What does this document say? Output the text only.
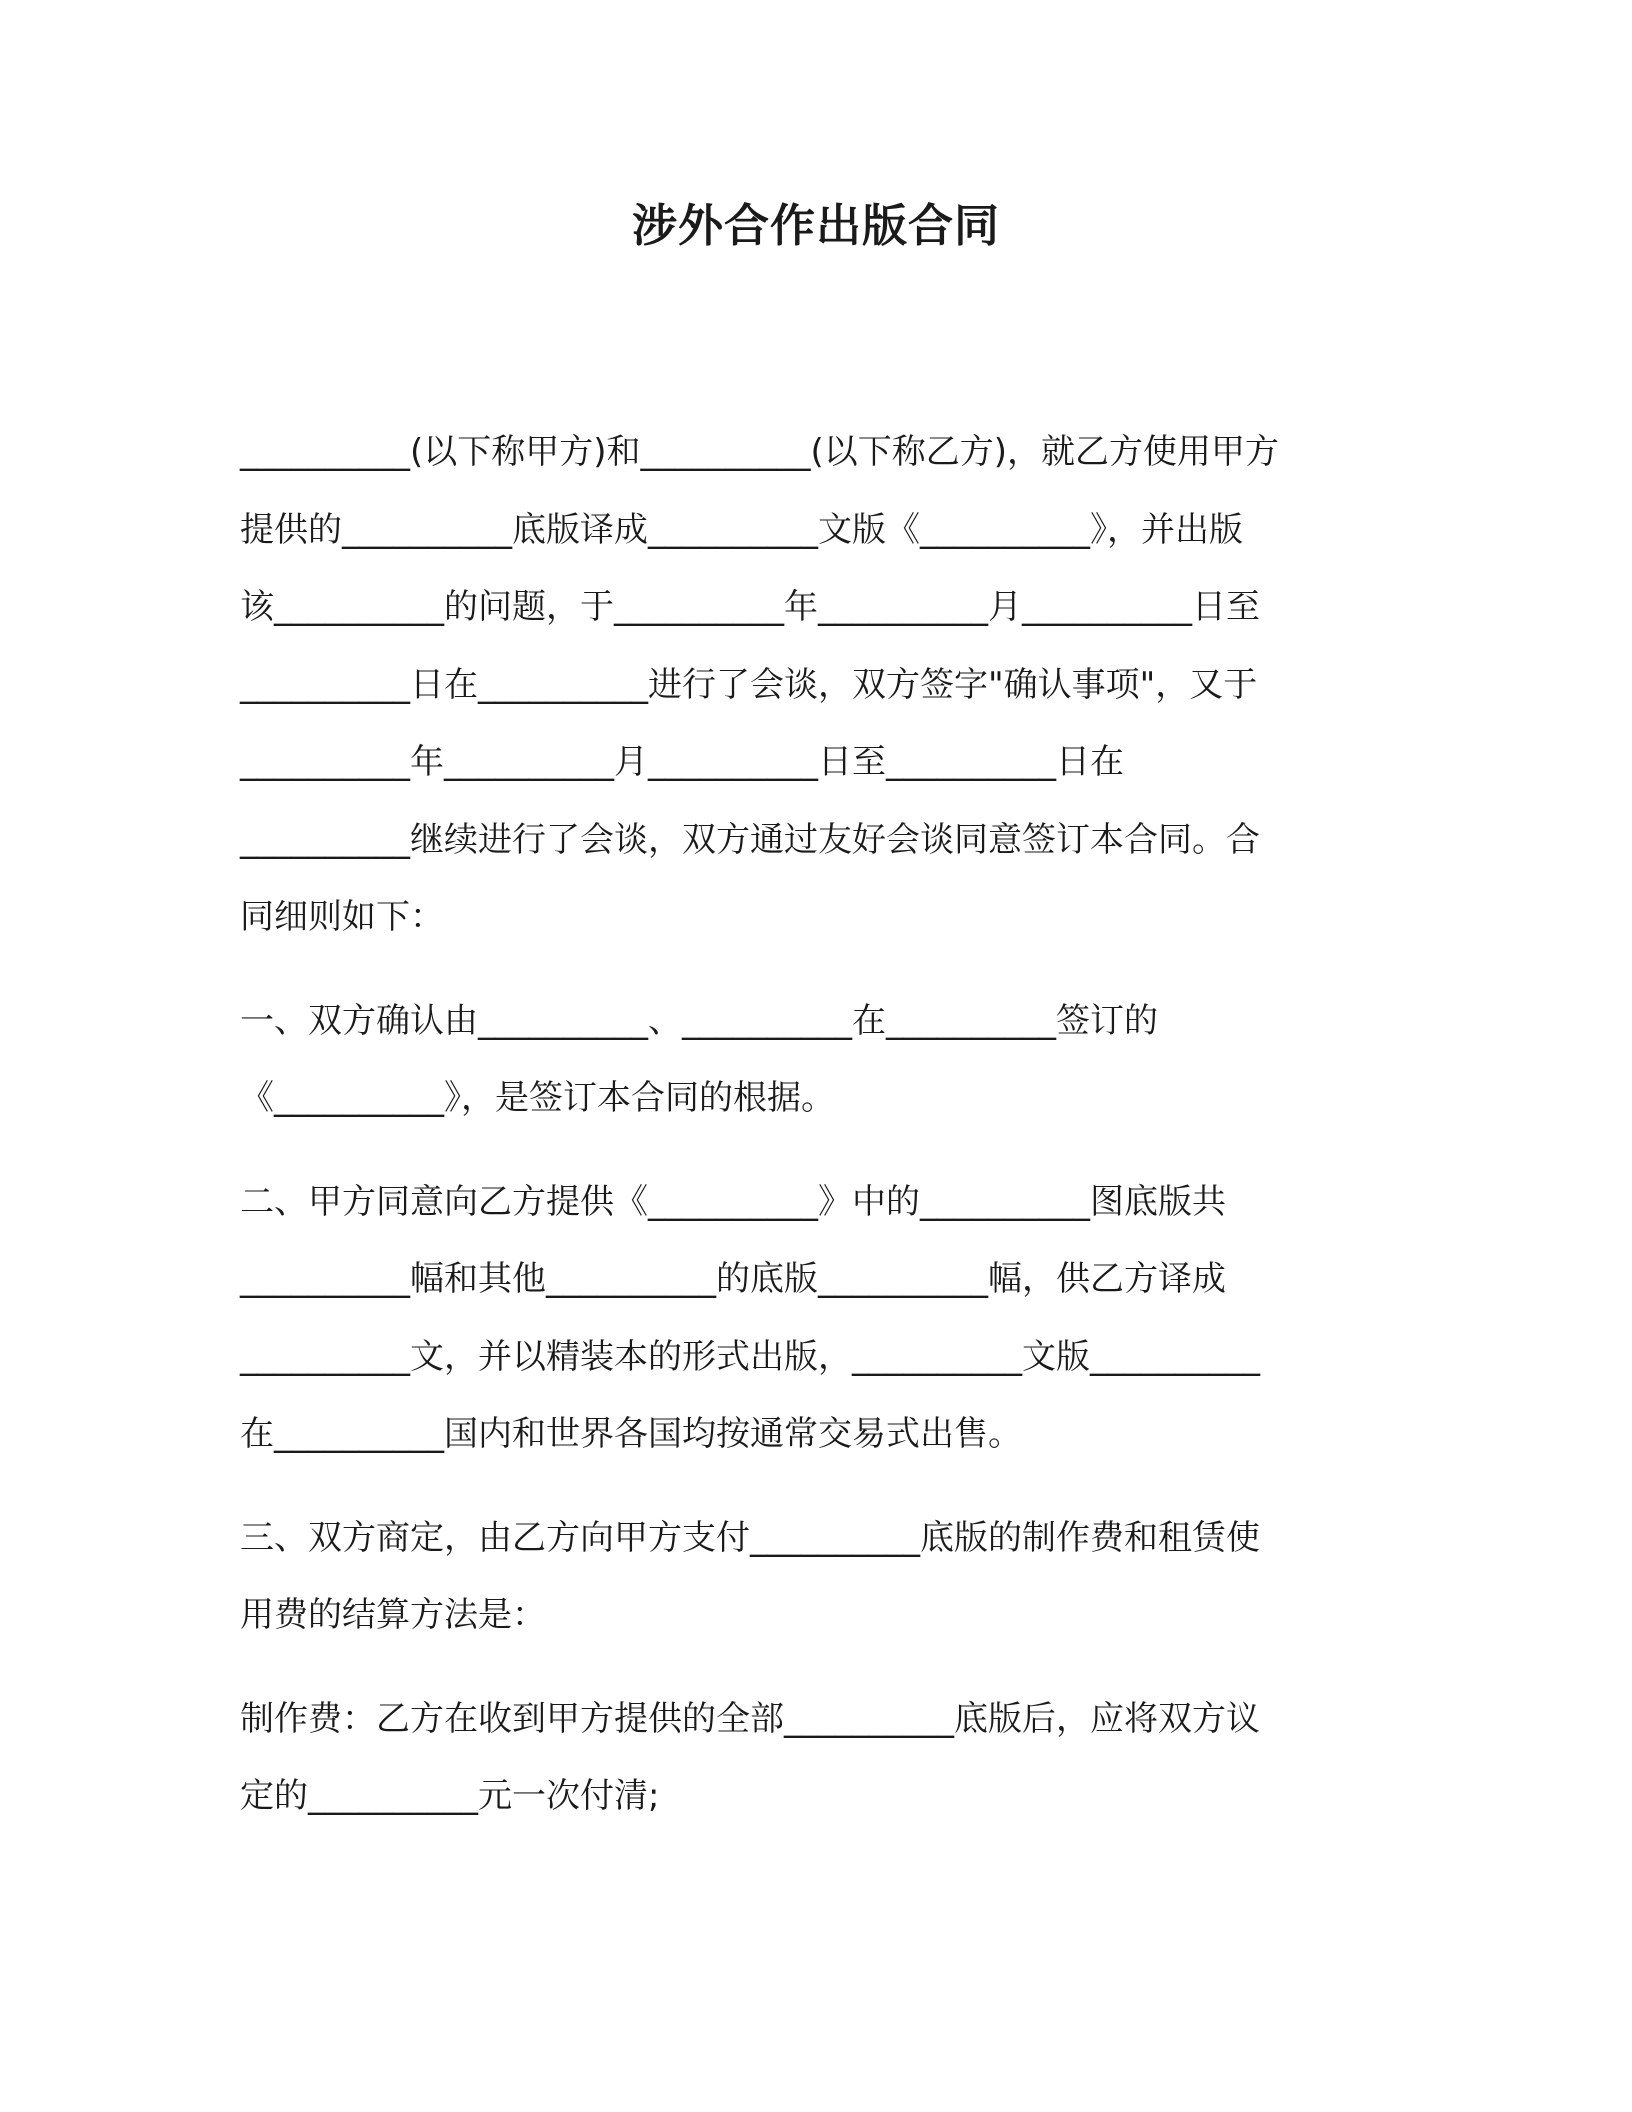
涉外合作出版合同

__________(以下称甲方)和__________(以下称乙方)，就乙方使用甲方

提供的__________底版译成__________文版《__________》，并出版

该__________的问题，于__________年__________月__________日至

__________日在__________进行了会谈，双方签字"确认事项"，又于

__________年__________月__________日至__________日在

__________继续进行了会谈，双方通过友好会谈同意签订本合同。合

同细则如下：

一、双方确认由__________、__________在__________签订的

《__________》，是签订本合同的根据。

二、甲方同意向乙方提供《__________》中的__________图底版共

__________幅和其他__________的底版__________幅，供乙方译成

__________文，并以精装本的形式出版，__________文版__________

在__________国内和世界各国均按通常交易式出售。

三、双方商定，由乙方向甲方支付__________底版的制作费和租赁使

用费的结算方法是：

制作费：乙方在收到甲方提供的全部__________底版后，应将双方议

定的__________元一次付清;
